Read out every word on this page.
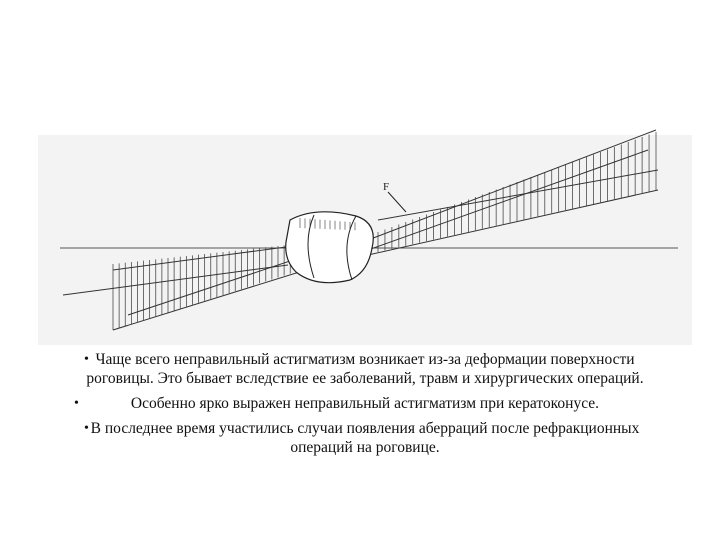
F
• Чаще всего неправильный астигматизм возникает из-за деформации поверхности роговицы. Это бывает вследствие ее заболеваний, травм и хирургических операций.
•	Особенно ярко выражен неправильный астигматизм при кератоконусе.
• В последнее время участились случаи появления аберраций после рефракционных операций на роговице.
